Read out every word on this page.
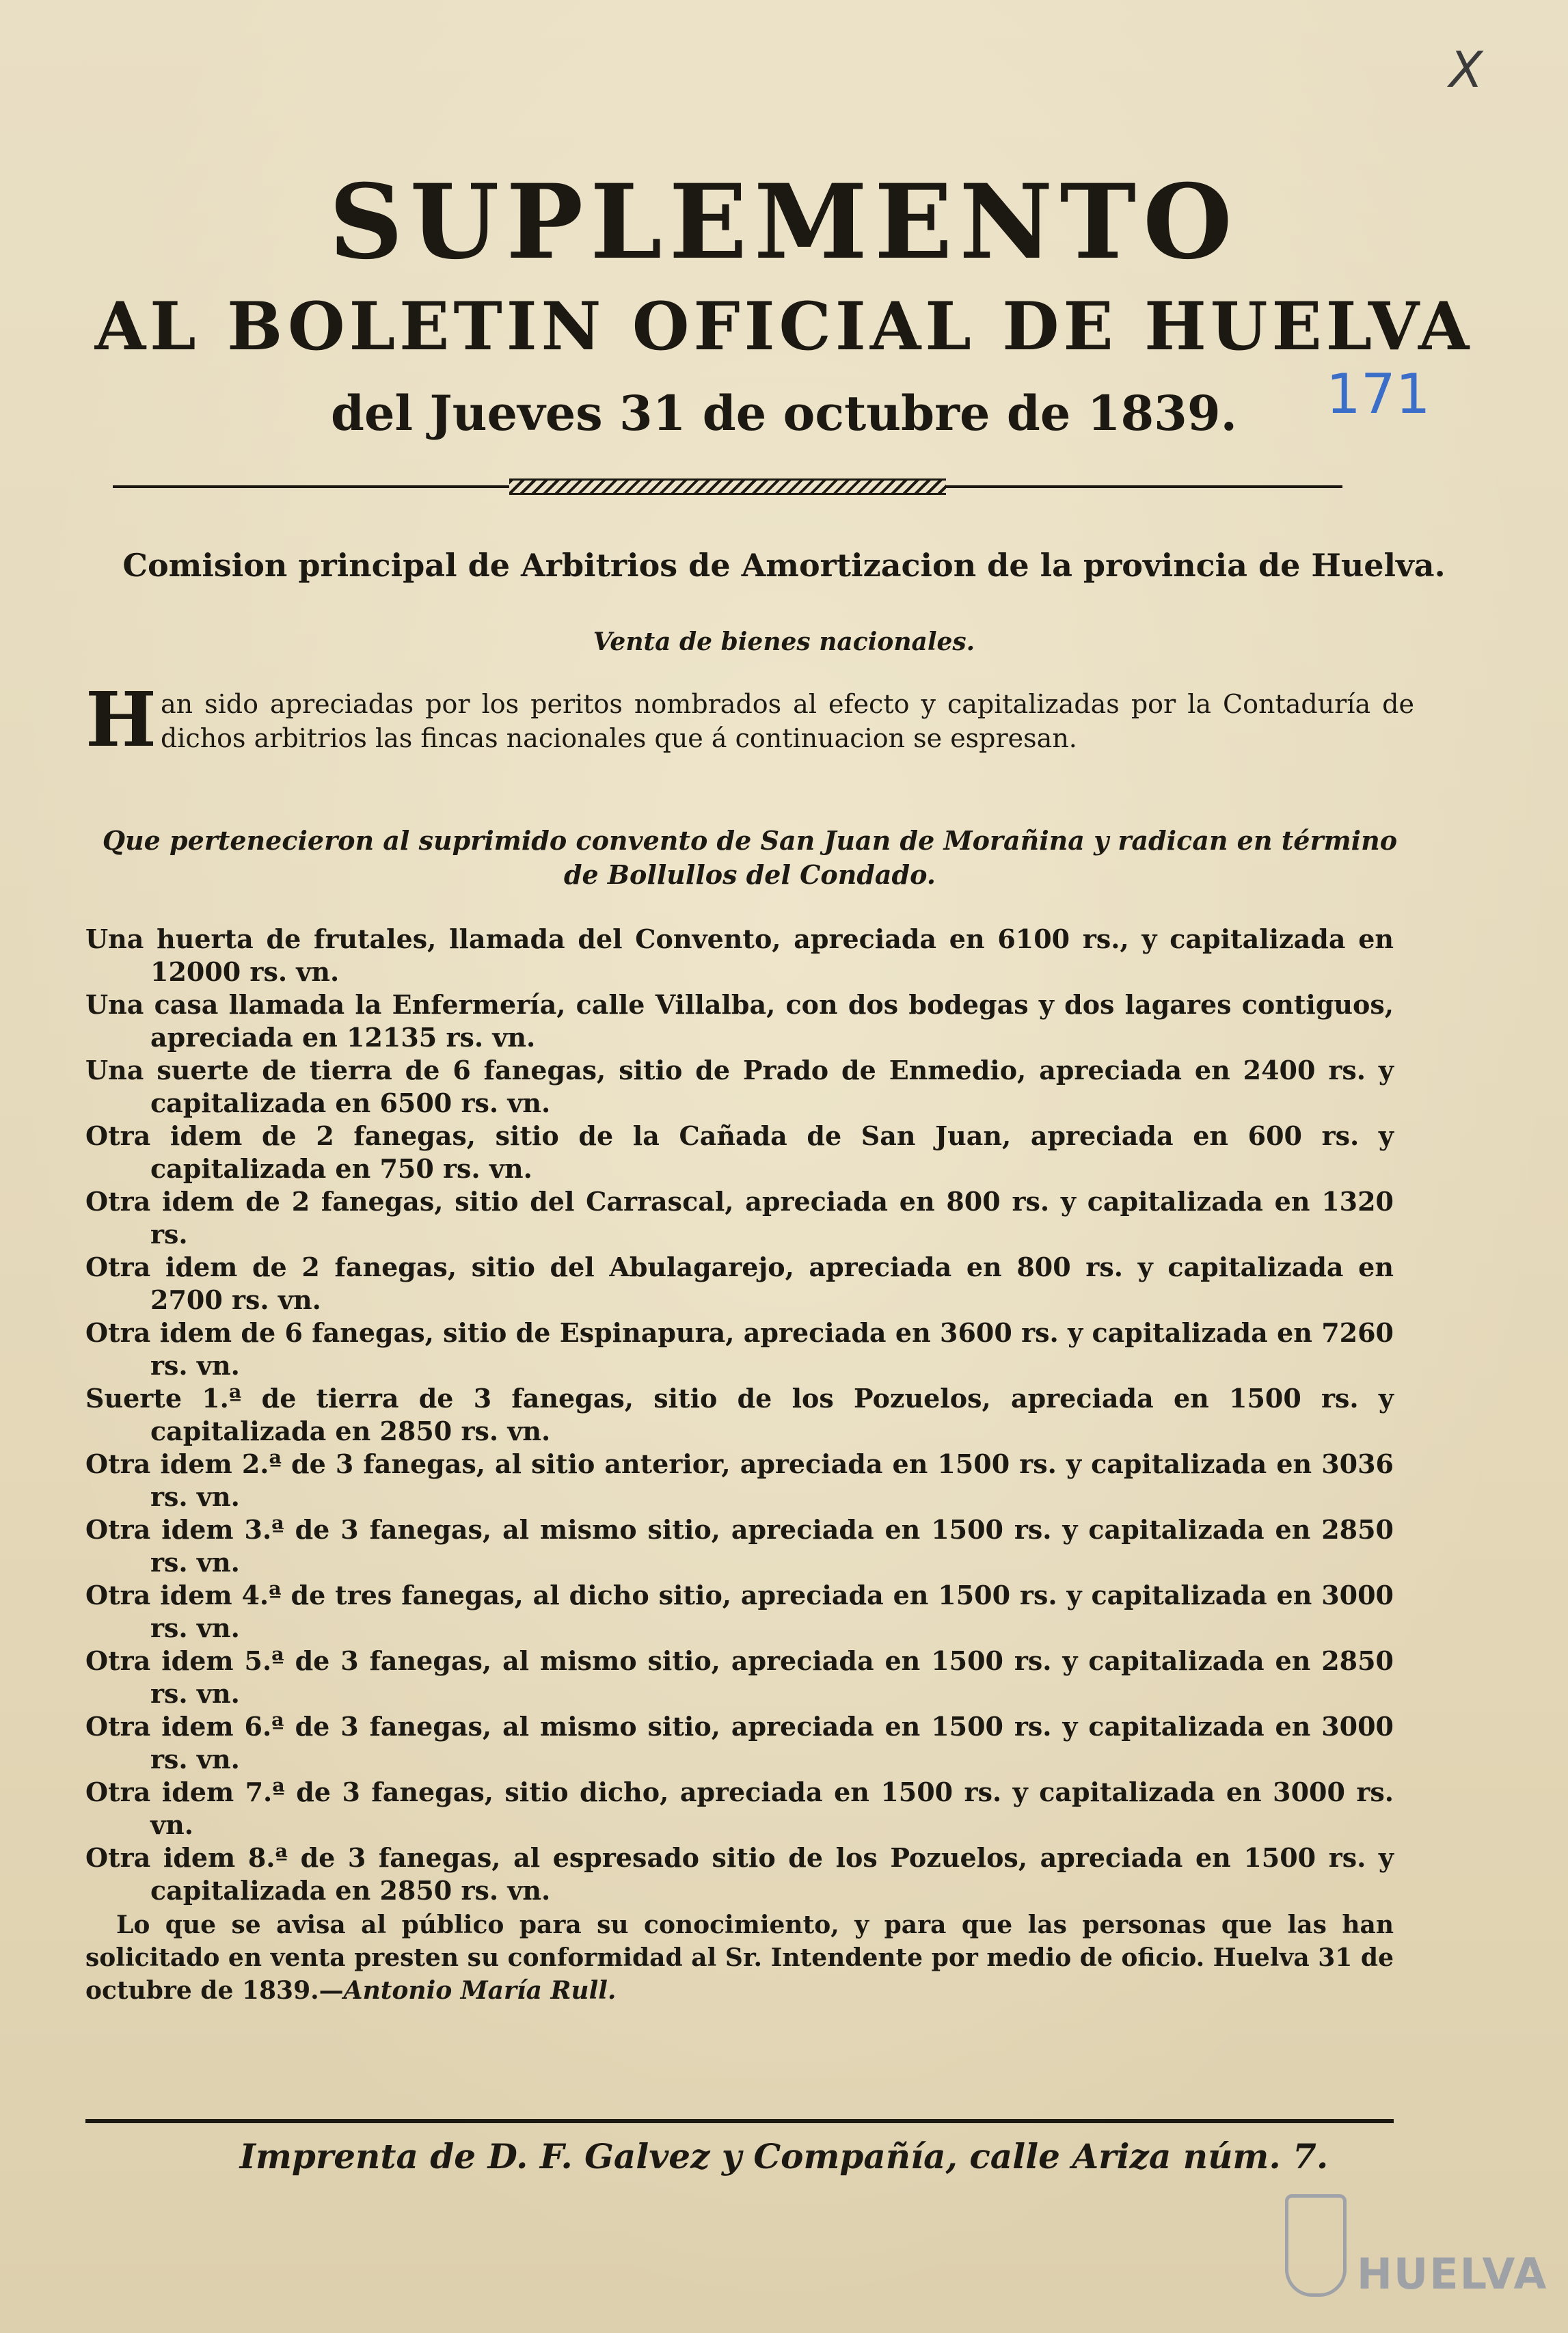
X
171
SUPLEMENTO
AL BOLETIN OFICIAL DE HUELVA
del Jueves 31 de octubre de 1839.
Comision principal de Arbitrios de Amortizacion de la provincia de Huelva.
Venta de bienes nacionales.
Han sido apreciadas por los peritos nombrados al efecto y capitalizadas por la Contaduría de dichos arbitrios las fincas nacionales que á continuacion se espresan.
Que pertenecieron al suprimido convento de San Juan de Morañina y radican en término de Bollullos del Condado.
Una huerta de frutales, llamada del Convento, apreciada en 6100 rs., y capitalizada en 12000 rs. vn.
Una casa llamada la Enfermería, calle Villalba, con dos bodegas y dos lagares contiguos, apreciada en 12135 rs. vn.
Una suerte de tierra de 6 fanegas, sitio de Prado de Enmedio, apreciada en 2400 rs. y capitalizada en 6500 rs. vn.
Otra idem de 2 fanegas, sitio de la Cañada de San Juan, apreciada en 600 rs. y capitalizada en 750 rs. vn.
Otra idem de 2 fanegas, sitio del Carrascal, apreciada en 800 rs. y capitalizada en 1320 rs.
Otra idem de 2 fanegas, sitio del Abulagarejo, apreciada en 800 rs. y capitalizada en 2700 rs. vn.
Otra idem de 6 fanegas, sitio de Espinapura, apreciada en 3600 rs. y capitalizada en 7260 rs. vn.
Suerte 1.ª de tierra de 3 fanegas, sitio de los Pozuelos, apreciada en 1500 rs. y capitalizada en 2850 rs. vn.
Otra idem 2.ª de 3 fanegas, al sitio anterior, apreciada en 1500 rs. y capitalizada en 3036 rs. vn.
Otra idem 3.ª de 3 fanegas, al mismo sitio, apreciada en 1500 rs. y capitalizada en 2850 rs. vn.
Otra idem 4.ª de tres fanegas, al dicho sitio, apreciada en 1500 rs. y capitalizada en 3000 rs. vn.
Otra idem 5.ª de 3 fanegas, al mismo sitio, apreciada en 1500 rs. y capitalizada en 2850 rs. vn.
Otra idem 6.ª de 3 fanegas, al mismo sitio, apreciada en 1500 rs. y capitalizada en 3000 rs. vn.
Otra idem 7.ª de 3 fanegas, sitio dicho, apreciada en 1500 rs. y capitalizada en 3000 rs. vn.
Otra idem 8.ª de 3 fanegas, al espresado sitio de los Pozuelos, apreciada en 1500 rs. y capitalizada en 2850 rs. vn.
Lo que se avisa al público para su conocimiento, y para que las personas que las han solicitado en venta presten su conformidad al Sr. Intendente por medio de oficio. Huelva 31 de octubre de 1839.—Antonio María Rull.
Imprenta de D. F. Galvez y Compañía, calle Ariza núm. 7.
HUELVA
